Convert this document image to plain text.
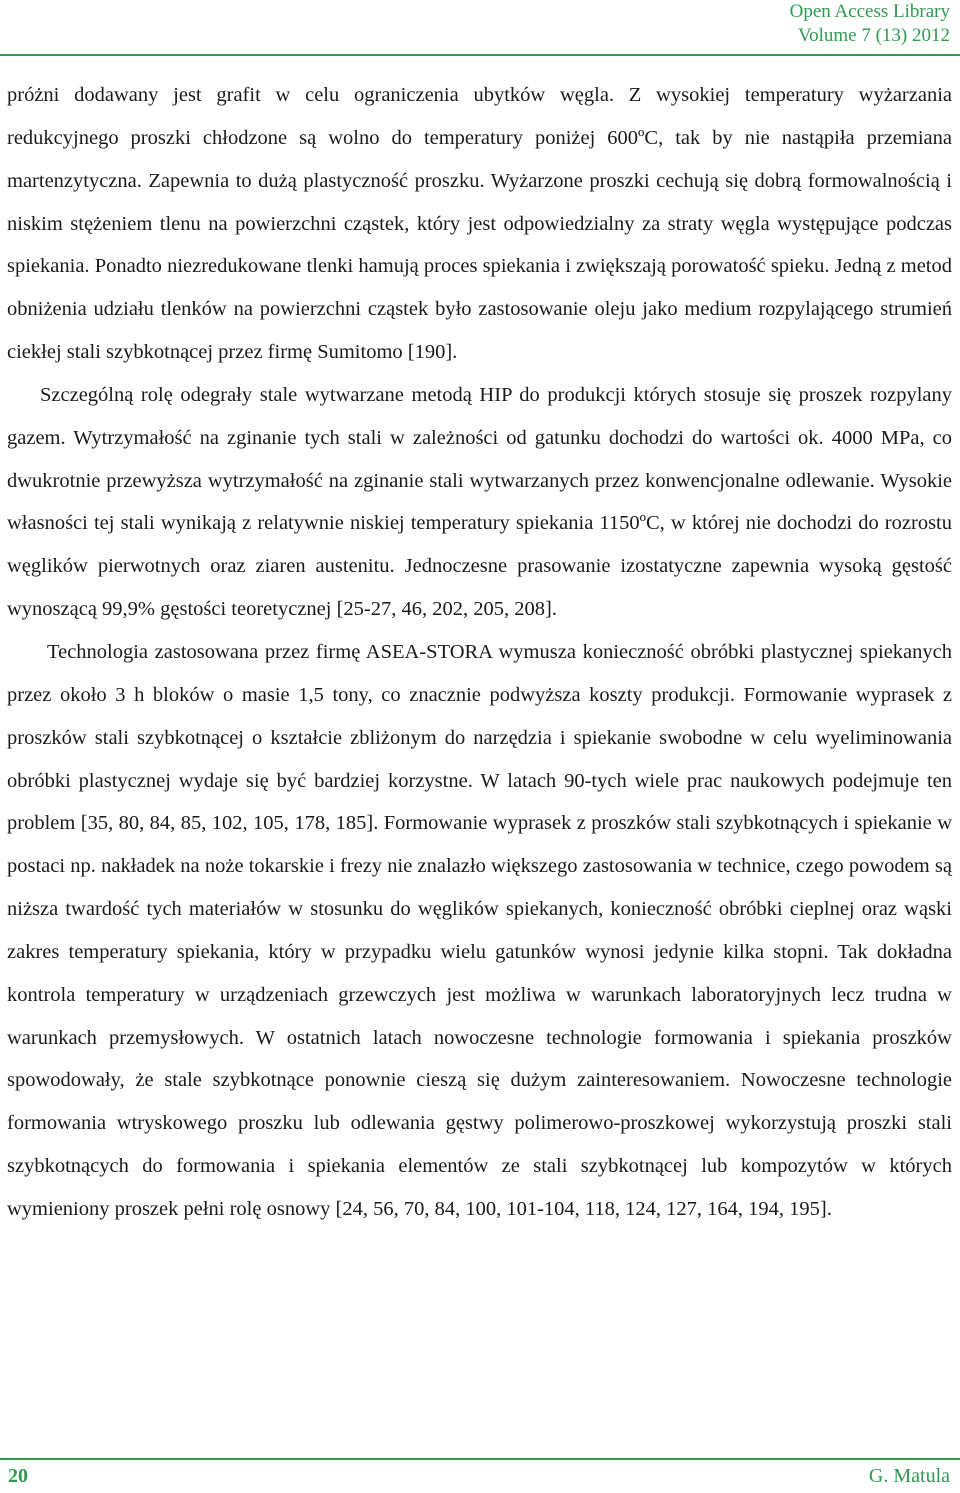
Open Access Library
Volume 7 (13) 2012

próżni dodawany jest grafit w celu ograniczenia ubytków węgla. Z wysokiej temperatury wyżarzania redukcyjnego proszki chłodzone są wolno do temperatury poniżej 600ºC, tak by nie nastąpiła przemiana martenzytyczna. Zapewnia to dużą plastyczność proszku. Wyżarzone proszki cechują się dobrą formowalnością i niskim stężeniem tlenu na powierzchni cząstek, który jest odpowiedzialny za straty węgla występujące podczas spiekania. Ponadto niezredukowane tlenki hamują proces spiekania i zwiększają porowatość spieku. Jedną z metod obniżenia udziału tlenków na powierzchni cząstek było zastosowanie oleju jako medium rozpylającego strumień ciekłej stali szybkotnącej przez firmę Sumitomo [190].

Szczególną rolę odegrały stale wytwarzane metodą HIP do produkcji których stosuje się proszek rozpylany gazem. Wytrzymałość na zginanie tych stali w zależności od gatunku dochodzi do wartości ok. 4000 MPa, co dwukrotnie przewyższa wytrzymałość na zginanie stali wytwarzanych przez konwencjonalne odlewanie. Wysokie własności tej stali wynikają z relatywnie niskiej temperatury spiekania 1150ºC, w której nie dochodzi do rozrostu węglików pierwotnych oraz ziaren austenitu. Jednoczesne prasowanie izostatyczne zapewnia wysoką gęstość wynoszącą 99,9% gęstości teoretycznej [25-27, 46, 202, 205, 208].

Technologia zastosowana przez firmę ASEA-STORA wymusza konieczność obróbki plastycznej spiekanych przez około 3 h bloków o masie 1,5 tony, co znacznie podwyższa koszty produkcji. Formowanie wyprasek z proszków stali szybkotnącej o kształcie zbliżonym do narzędzia i spiekanie swobodne w celu wyeliminowania obróbki plastycznej wydaje się być bardziej korzystne. W latach 90-tych wiele prac naukowych podejmuje ten problem [35, 80, 84, 85, 102, 105, 178, 185]. Formowanie wyprasek z proszków stali szybkotnących i spiekanie w postaci np. nakładek na noże tokarskie i frezy nie znalazło większego zastosowania w technice, czego powodem są niższa twardość tych materiałów w stosunku do węglików spiekanych, konieczność obróbki cieplnej oraz wąski zakres temperatury spiekania, który w przypadku wielu gatunków wynosi jedynie kilka stopni. Tak dokładna kontrola temperatury w urządzeniach grzewczych jest możliwa w warunkach laboratoryjnych lecz trudna w warunkach przemysłowych. W ostatnich latach nowoczesne technologie formowania i spiekania proszków spowodowały, że stale szybkotnące ponownie cieszą się dużym zainteresowaniem. Nowoczesne technologie formowania wtryskowego proszku lub odlewania gęstwy polimerowo-proszkowej wykorzystują proszki stali szybkotnących do formowania i spiekania elementów ze stali szybkotnącej lub kompozytów w których wymieniony proszek pełni rolę osnowy [24, 56, 70, 84, 100, 101-104, 118, 124, 127, 164, 194, 195].

20	G. Matula
